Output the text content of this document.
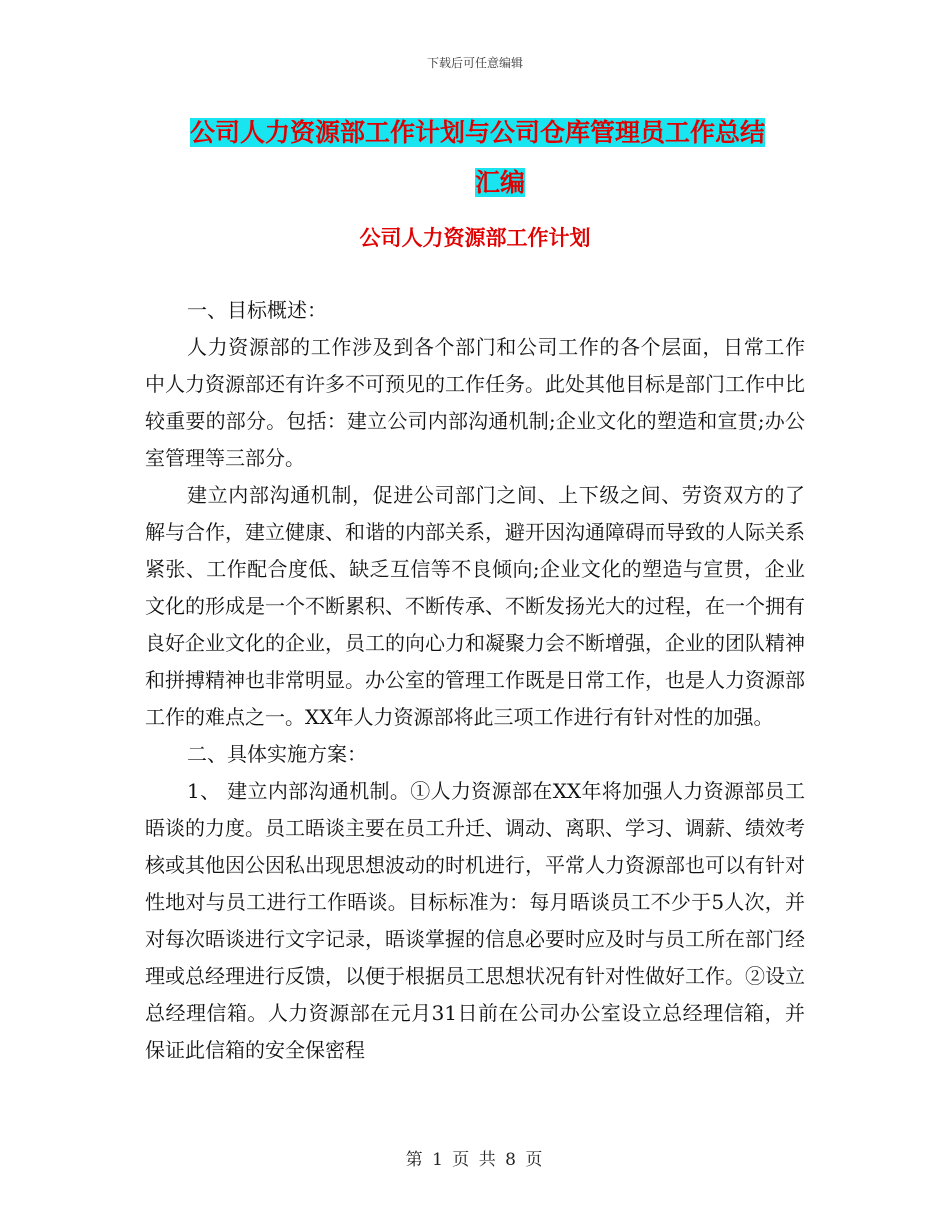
下载后可任意编辑
公司人力资源部工作计划与公司仓库管理员工作总结
汇编
公司人力资源部工作计划

一、目标概述：

人力资源部的工作涉及到各个部门和公司工作的各个层面，日常工作中人力资源部还有许多不可预见的工作任务。此处其他目标是部门工作中比较重要的部分。包括：建立公司内部沟通机制;企业文化的塑造和宣贯;办公室管理等三部分。

建立内部沟通机制，促进公司部门之间、上下级之间、劳资双方的了解与合作，建立健康、和谐的内部关系，避开因沟通障碍而导致的人际关系紧张、工作配合度低、缺乏互信等不良倾向;企业文化的塑造与宣贯，企业文化的形成是一个不断累积、不断传承、不断发扬光大的过程，在一个拥有良好企业文化的企业，员工的向心力和凝聚力会不断增强，企业的团队精神和拼搏精神也非常明显。办公室的管理工作既是日常工作，也是人力资源部工作的难点之一。XX年人力资源部将此三项工作进行有针对性的加强。

二、具体实施方案：

1、 建立内部沟通机制。①人力资源部在XX年将加强人力资源部员工晤谈的力度。员工晤谈主要在员工升迁、调动、离职、学习、调薪、绩效考核或其他因公因私出现思想波动的时机进行，平常人力资源部也可以有针对性地对与员工进行工作晤谈。目标标准为：每月晤谈员工不少于5人次，并对每次晤谈进行文字记录，晤谈掌握的信息必要时应及时与员工所在部门经理或总经理进行反馈，以便于根据员工思想状况有针对性做好工作。②设立总经理信箱。人力资源部在元月31日前在公司办公室设立总经理信箱，并保证此信箱的安全保密程

第 1 页 共 8 页
